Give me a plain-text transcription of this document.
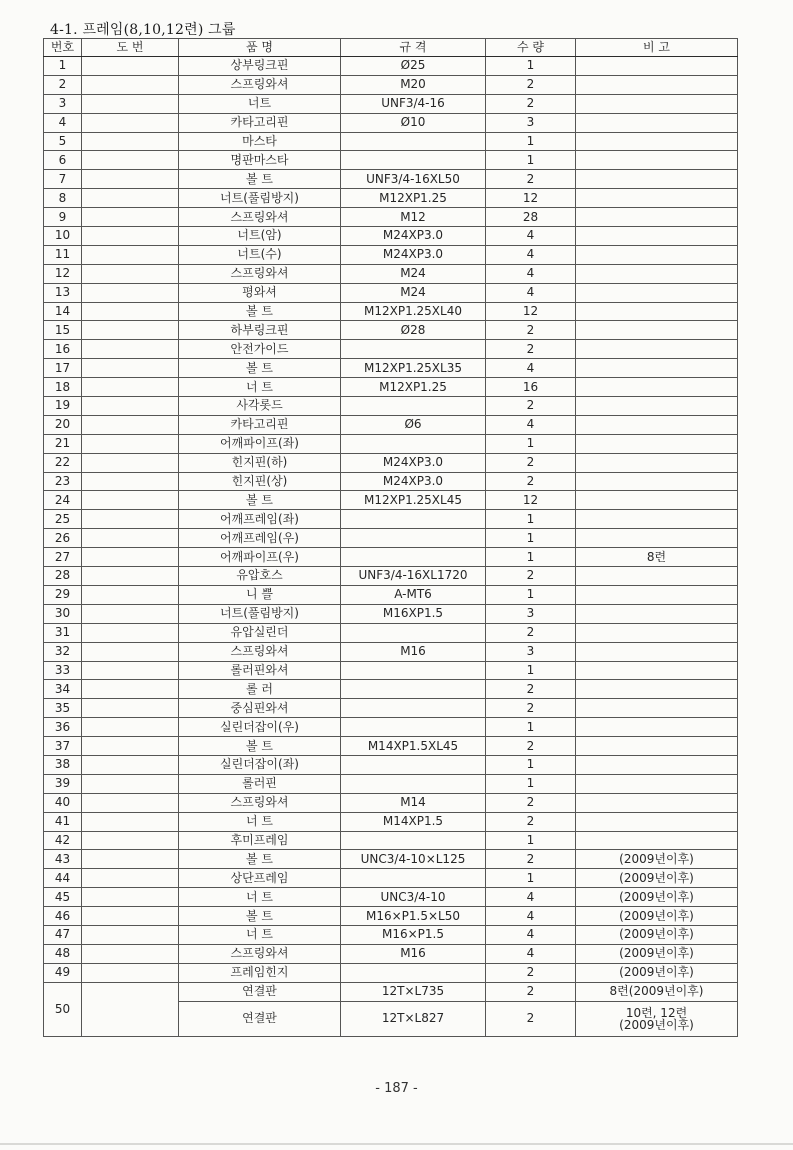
4-1. 프레임(8,10,12련) 그룹
번호	도 번	품 명	규 격	수 량	비 고
1		상부링크핀	Ø25	1	
2		스프링와셔	M20	2	
3		너트	UNF3/4-16	2	
4		카타고리핀	Ø10	3	
5		마스타		1	
6		명판마스타		1	
7		볼 트	UNF3/4-16XL50	2	
8		너트(풀림방지)	M12XP1.25	12	
9		스프링와셔	M12	28	
10		너트(암)	M24XP3.0	4	
11		너트(수)	M24XP3.0	4	
12		스프링와셔	M24	4	
13		평와셔	M24	4	
14		볼 트	M12XP1.25XL40	12	
15		하부링크핀	Ø28	2	
16		안전가이드		2	
17		볼 트	M12XP1.25XL35	4	
18		너 트	M12XP1.25	16	
19		사각롯드		2	
20		카타고리핀	Ø6	4	
21		어깨파이프(좌)		1	
22		힌지핀(하)	M24XP3.0	2	
23		힌지핀(상)	M24XP3.0	2	
24		볼 트	M12XP1.25XL45	12	
25		어깨프레임(좌)		1	
26		어깨프레임(우)		1	
27		어깨파이프(우)		1	8련
28		유압호스	UNF3/4-16XL1720	2	
29		니 쁠	A-MT6	1	
30		너트(풀림방지)	M16XP1.5	3	
31		유압실린더		2	
32		스프링와셔	M16	3	
33		롤러핀와셔		1	
34		롤 러		2	
35		중심핀와셔		2	
36		실린더잡이(우)		1	
37		볼 트	M14XP1.5XL45	2	
38		실린더잡이(좌)		1	
39		롤러핀		1	
40		스프링와셔	M14	2	
41		너 트	M14XP1.5	2	
42		후미프레임		1	
43		볼 트	UNC3/4-10×L125	2	(2009년이후)
44		상단프레임		1	(2009년이후)
45		너 트	UNC3/4-10	4	(2009년이후)
46		볼 트	M16×P1.5×L50	4	(2009년이후)
47		너 트	M16×P1.5	4	(2009년이후)
48		스프링와셔	M16	4	(2009년이후)
49		프레임힌지		2	(2009년이후)
50		연결판	12T×L735	2	8련(2009년이후)
		연결판	12T×L827	2	10련, 12련
(2009년이후)
- 187 -
